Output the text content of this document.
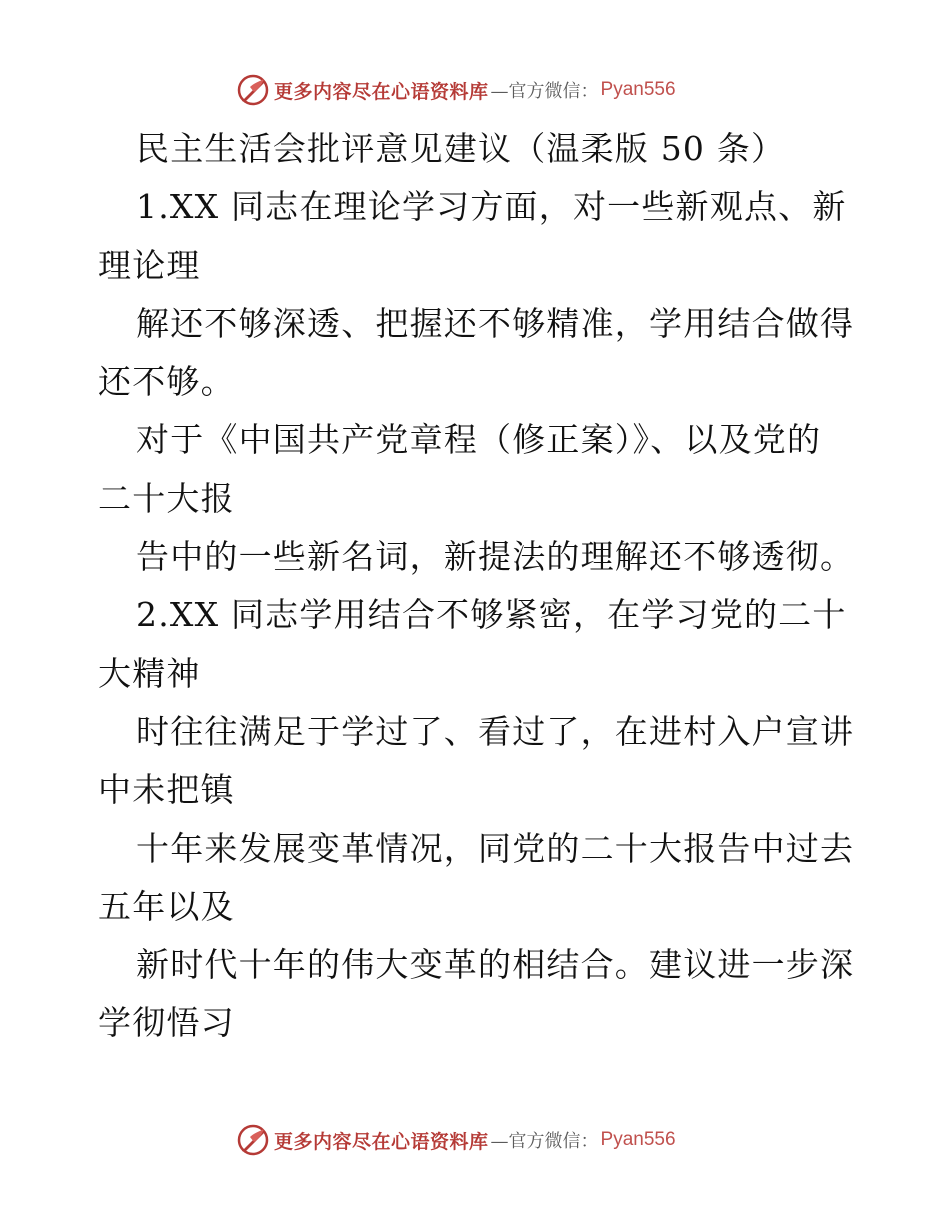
更多内容尽在心语资料库 —官方微信： Pyan556
民主生活会批评意见建议（温柔版 50 条）
1.XX 同志在理论学习方面，对一些新观点、新
理论理
解还不够深透、把握还不够精准，学用结合做得
还不够。
对于《中国共产党章程（修正案）》、以及党的
二十大报
告中的一些新名词，新提法的理解还不够透彻。
2.XX 同志学用结合不够紧密，在学习党的二十
大精神
时往往满足于学过了、看过了，在进村入户宣讲
中未把镇
十年来发展变革情况，同党的二十大报告中过去
五年以及
新时代十年的伟大变革的相结合。建议进一步深
学彻悟习
更多内容尽在心语资料库 —官方微信： Pyan556
